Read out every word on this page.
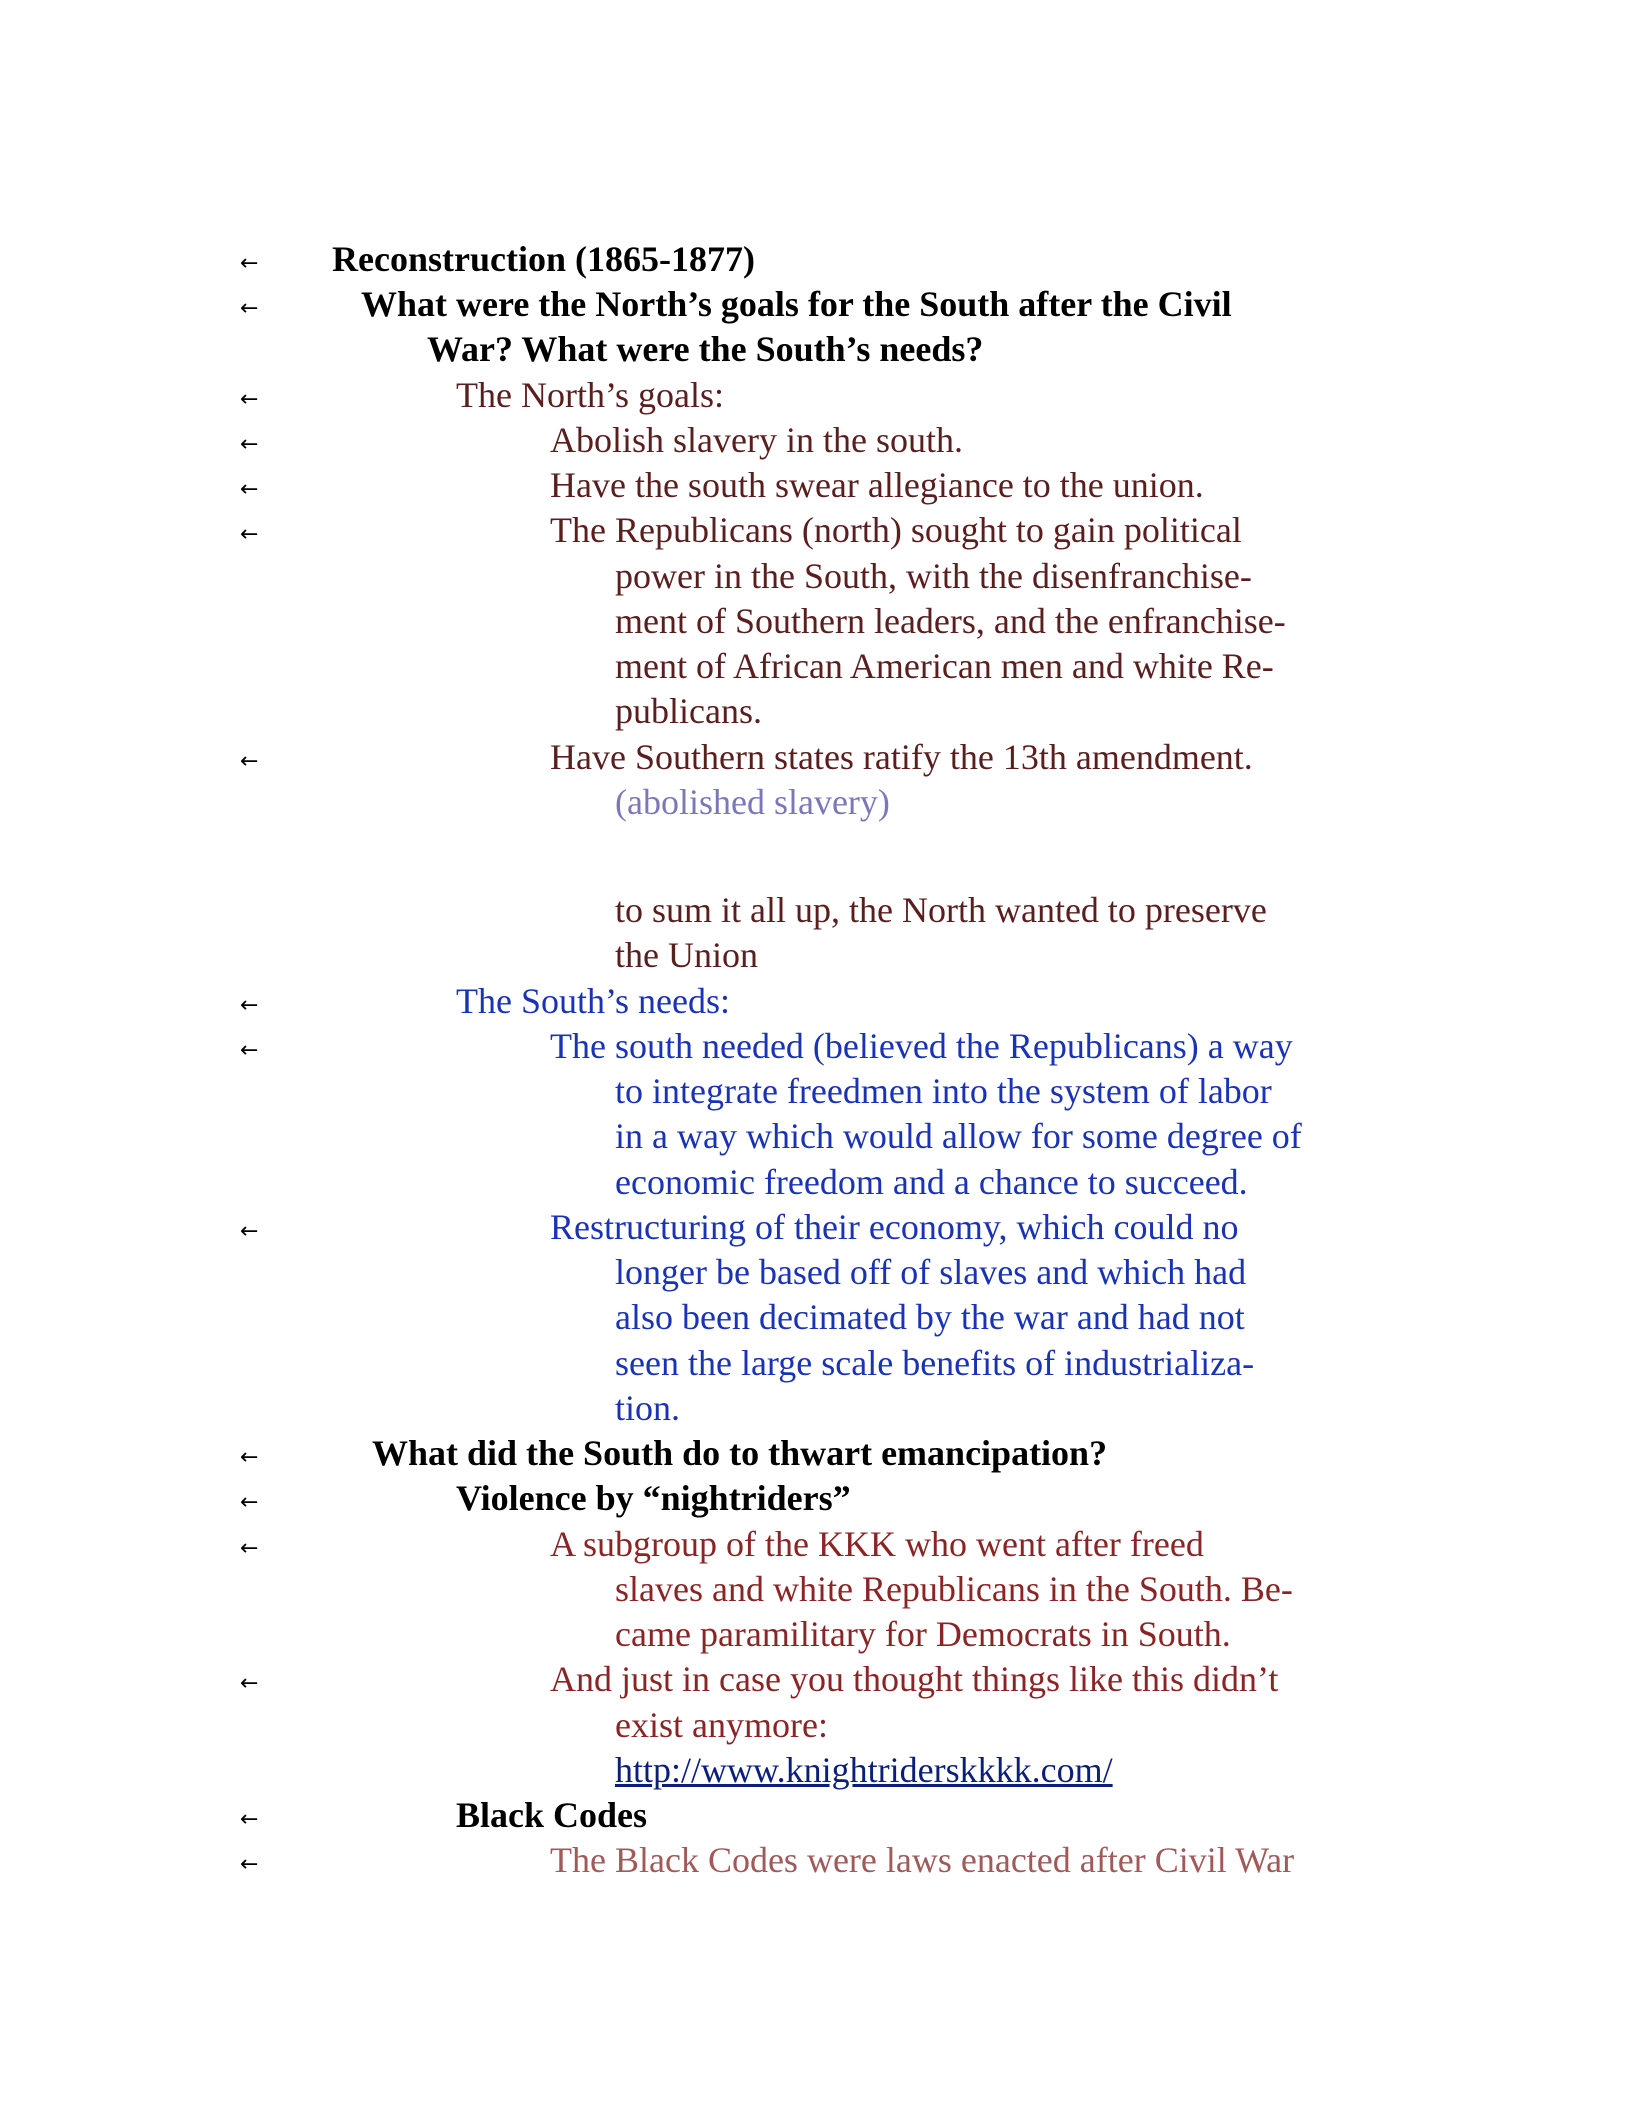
← Reconstruction (1865-1877)
←	What were the North’s goals for the South after the Civil
War? What were the South’s needs?
←	The North’s goals:
←	Abolish slavery in the south.
←	Have the south swear allegiance to the union.
←	The Republicans (north) sought to gain political
power in the South, with the disenfranchise-
ment of Southern leaders, and the enfranchise-
ment of African American men and white Re-
publicans.
←	Have Southern states ratify the 13th amendment.
(abolished slavery)
to sum it all up, the North wanted to preserve
the Union
←	The South’s needs:
←	The south needed (believed the Republicans) a way
to integrate freedmen into the system of labor
in a way which would allow for some degree of
economic freedom and a chance to succeed.
←	Restructuring of their economy, which could no
longer be based off of slaves and which had
also been decimated by the war and had not
seen the large scale benefits of industrializa-
tion.
←	What did the South do to thwart emancipation?
←	Violence by “nightriders”
←	A subgroup of the KKK who went after freed
slaves and white Republicans in the South. Be-
came paramilitary for Democrats in South.
←	And just in case you thought things like this didn’t
exist anymore:
http://www.knightriderskkkk.com/
←	Black Codes
←	The Black Codes were laws enacted after Civil War
